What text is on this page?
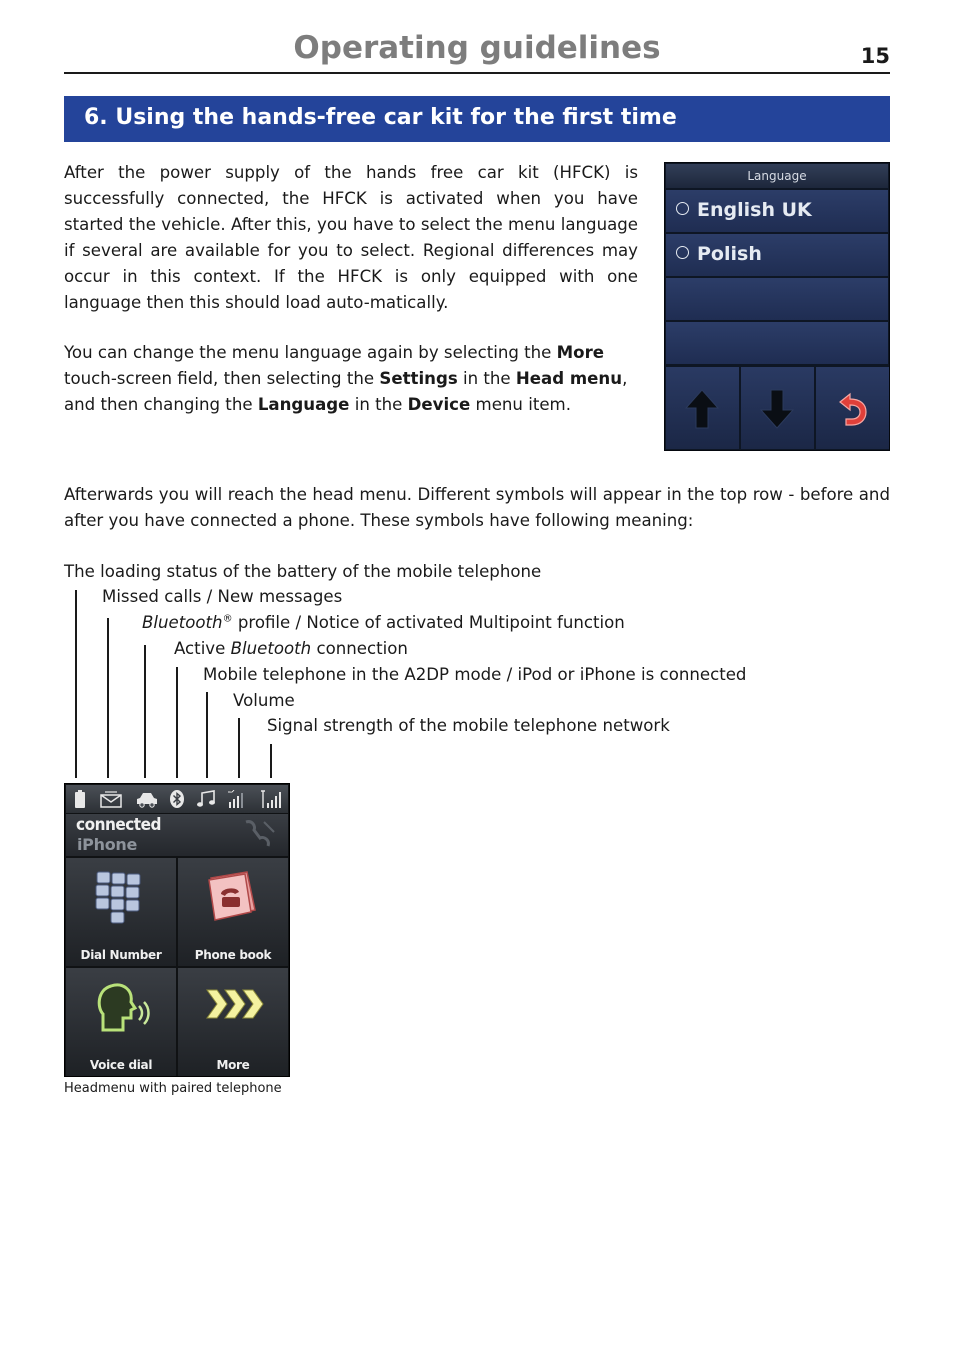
Operating guidelines	15
6. Using the hands-free car kit for the first time

After the power supply of the hands free car kit (HFCK) is successfully connected, the HFCK is activated when you have started the vehicle. After this, you have to select the menu language if several are available for you to select. Regional differences may occur in this context. If the HFCK is only equipped with one language then this should load auto-matically.

You can change the menu language again by selecting the More touch-screen field, then selecting the Settings in the Head menu, and then changing the Language in the Device menu item.

Afterwards you will reach the head menu. Different symbols will appear in the top row - before and after you have connected a phone. These symbols have following meaning:

Language
English UK
Polish
The loading status of the battery of the mobile telephone
Missed calls / New messages
Bluetooth® profile / Notice of activated Multipoint function
Active Bluetooth connection
Mobile telephone in the A2DP mode / iPod or iPhone is connected
Volume
Signal strength of the mobile telephone network
connected
iPhone
Dial Number	Phone book
Voice dial	More
Headmenu with paired telephone
